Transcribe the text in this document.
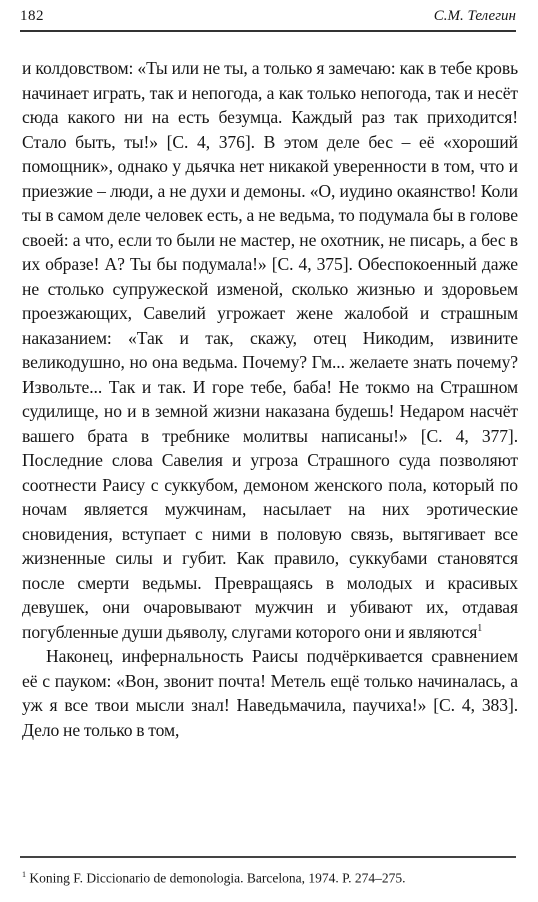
182	С.М. Телегин

и колдовством: «Ты или не ты, а только я замечаю: как в тебе кровь начинает играть, так и непогода, а как только непогода, так и несёт сюда какого ни на есть безумца. Каждый раз так приходится! Стало быть, ты!» [С. 4, 376]. В этом деле бес – её «хороший помощник», однако у дьячка нет никакой уверенности в том, что и приезжие – люди, а не духи и демоны. «О, иудино окаянство! Коли ты в самом деле человек есть, а не ведьма, то подумала бы в голове своей: а что, если то были не мастер, не охотник, не писарь, а бес в их образе! А? Ты бы подумала!» [С. 4, 375]. Обеспокоенный даже не столько супружеской изменой, сколько жизнью и здоровьем проезжающих, Савелий угрожает жене жалобой и страшным наказанием: «Так и так, скажу, отец Никодим, извините великодушно, но она ведьма. Почему? Гм... желаете знать почему? Извольте... Так и так. И горе тебе, баба! Не токмо на Страшном судилище, но и в земной жизни наказана будешь! Недаром насчёт вашего брата в требнике молитвы написаны!» [С. 4, 377]. Последние слова Савелия и угроза Страшного суда позволяют соотнести Раису с суккубом, демоном женского пола, который по ночам является мужчинам, насылает на них эротические сновидения, вступает с ними в половую связь, вытягивает все жизненные силы и губит. Как правило, суккубами становятся после смерти ведьмы. Превращаясь в молодых и красивых девушек, они очаровывают мужчин и убивают их, отдавая погубленные души дьяволу, слугами которого они и являются$^1$

Наконец, инфернальность Раисы подчёркивается сравнением её с пауком: «Вон, звонит почта! Метель ещё только начиналась, а уж я все твои мысли знал! Наведьмачила, паучиха!» [С. 4, 383]. Дело не только в том,

$^1$ Koning F. Diccionario de demonologia. Barcelona, 1974. P. 274–275.
